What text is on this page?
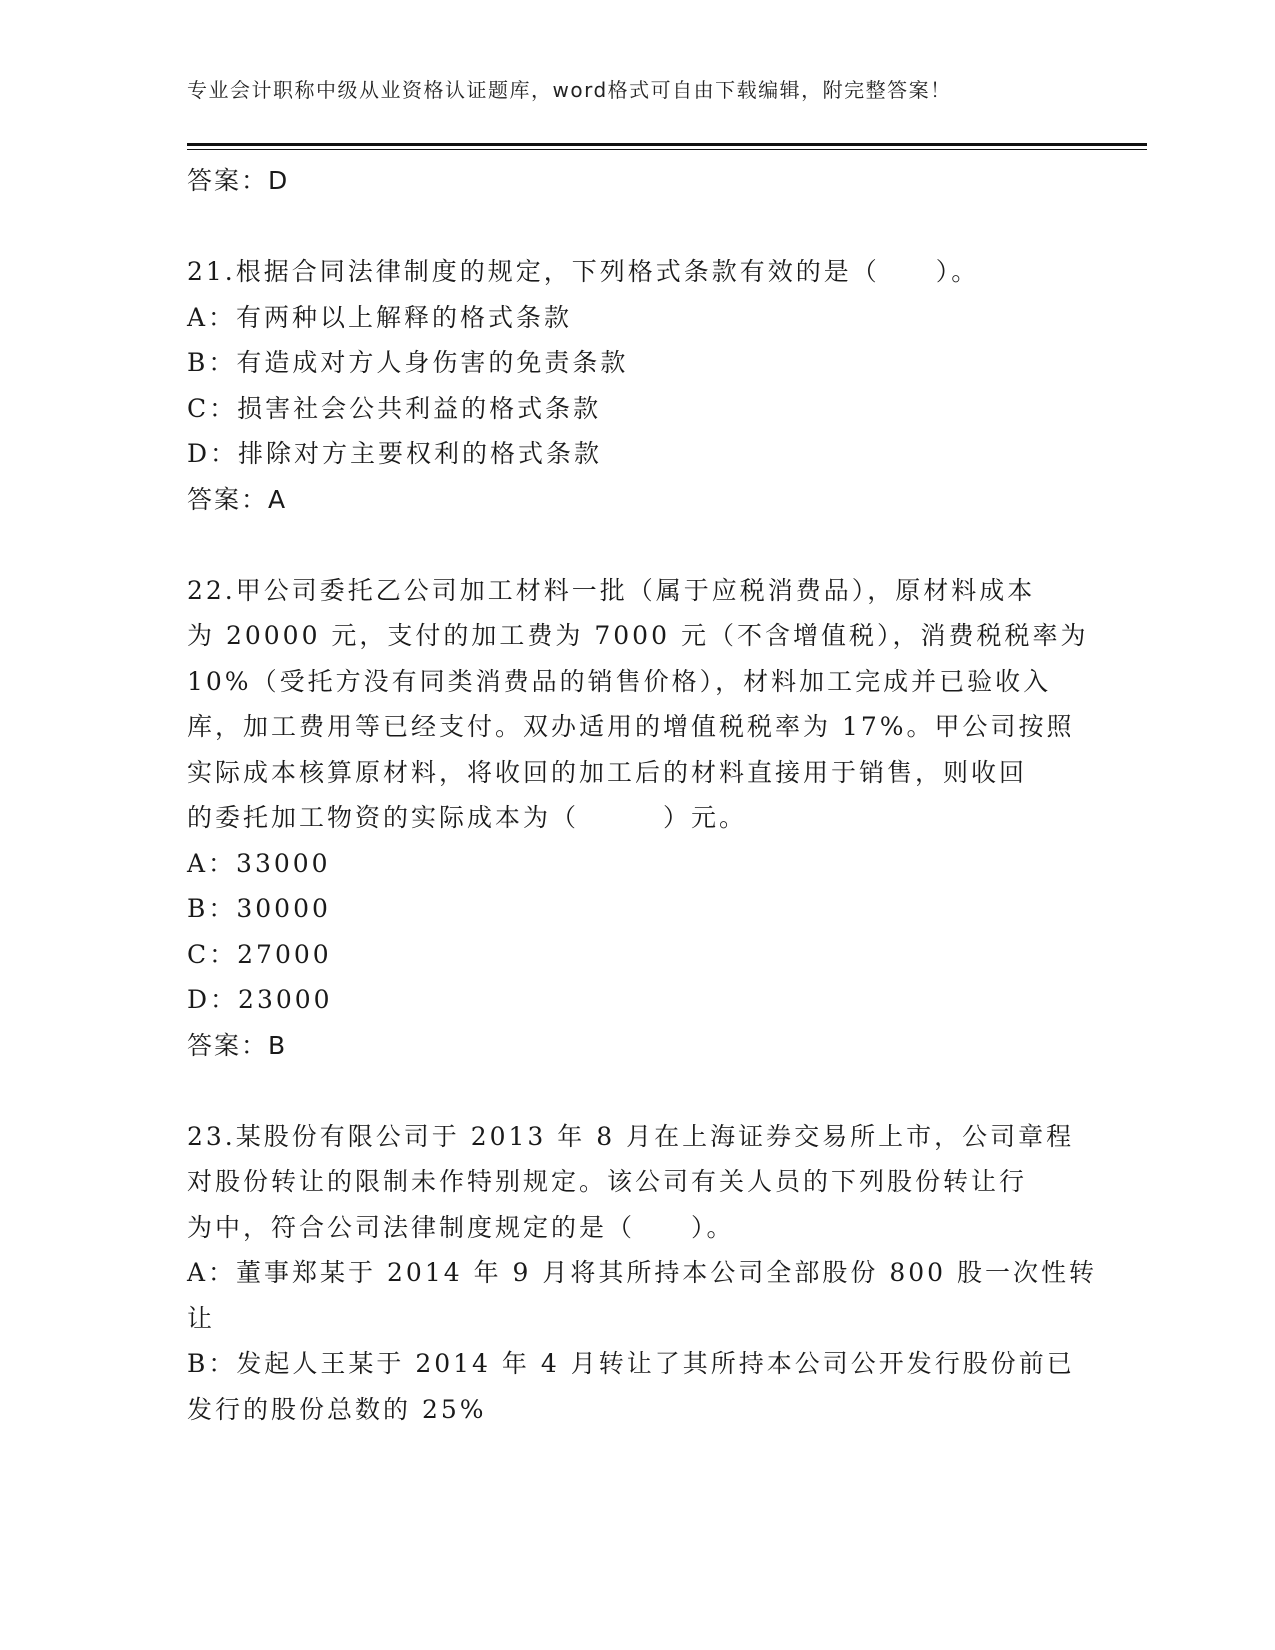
专业会计职称中级从业资格认证题库，word格式可自由下载编辑，附完整答案！
答案：D
21.根据合同法律制度的规定，下列格式条款有效的是（　　）。
A：有两种以上解释的格式条款
B：有造成对方人身伤害的免责条款
C：损害社会公共利益的格式条款
D：排除对方主要权利的格式条款
答案：A
22.甲公司委托乙公司加工材料一批（属于应税消费品），原材料成本
为 20000 元，支付的加工费为 7000 元（不含增值税），消费税税率为
10%（受托方没有同类消费品的销售价格），材料加工完成并已验收入
库，加工费用等已经支付。双办适用的增值税税率为 17%。甲公司按照
实际成本核算原材料，将收回的加工后的材料直接用于销售，则收回
的委托加工物资的实际成本为（　　　）元。
A：33000
B：30000
C：27000
D：23000
答案：B
23.某股份有限公司于 2013 年 8 月在上海证券交易所上市，公司章程
对股份转让的限制未作特别规定。该公司有关人员的下列股份转让行
为中，符合公司法律制度规定的是（　　）。
A：董事郑某于 2014 年 9 月将其所持本公司全部股份 800 股一次性转
让
B：发起人王某于 2014 年 4 月转让了其所持本公司公开发行股份前已
发行的股份总数的 25%
